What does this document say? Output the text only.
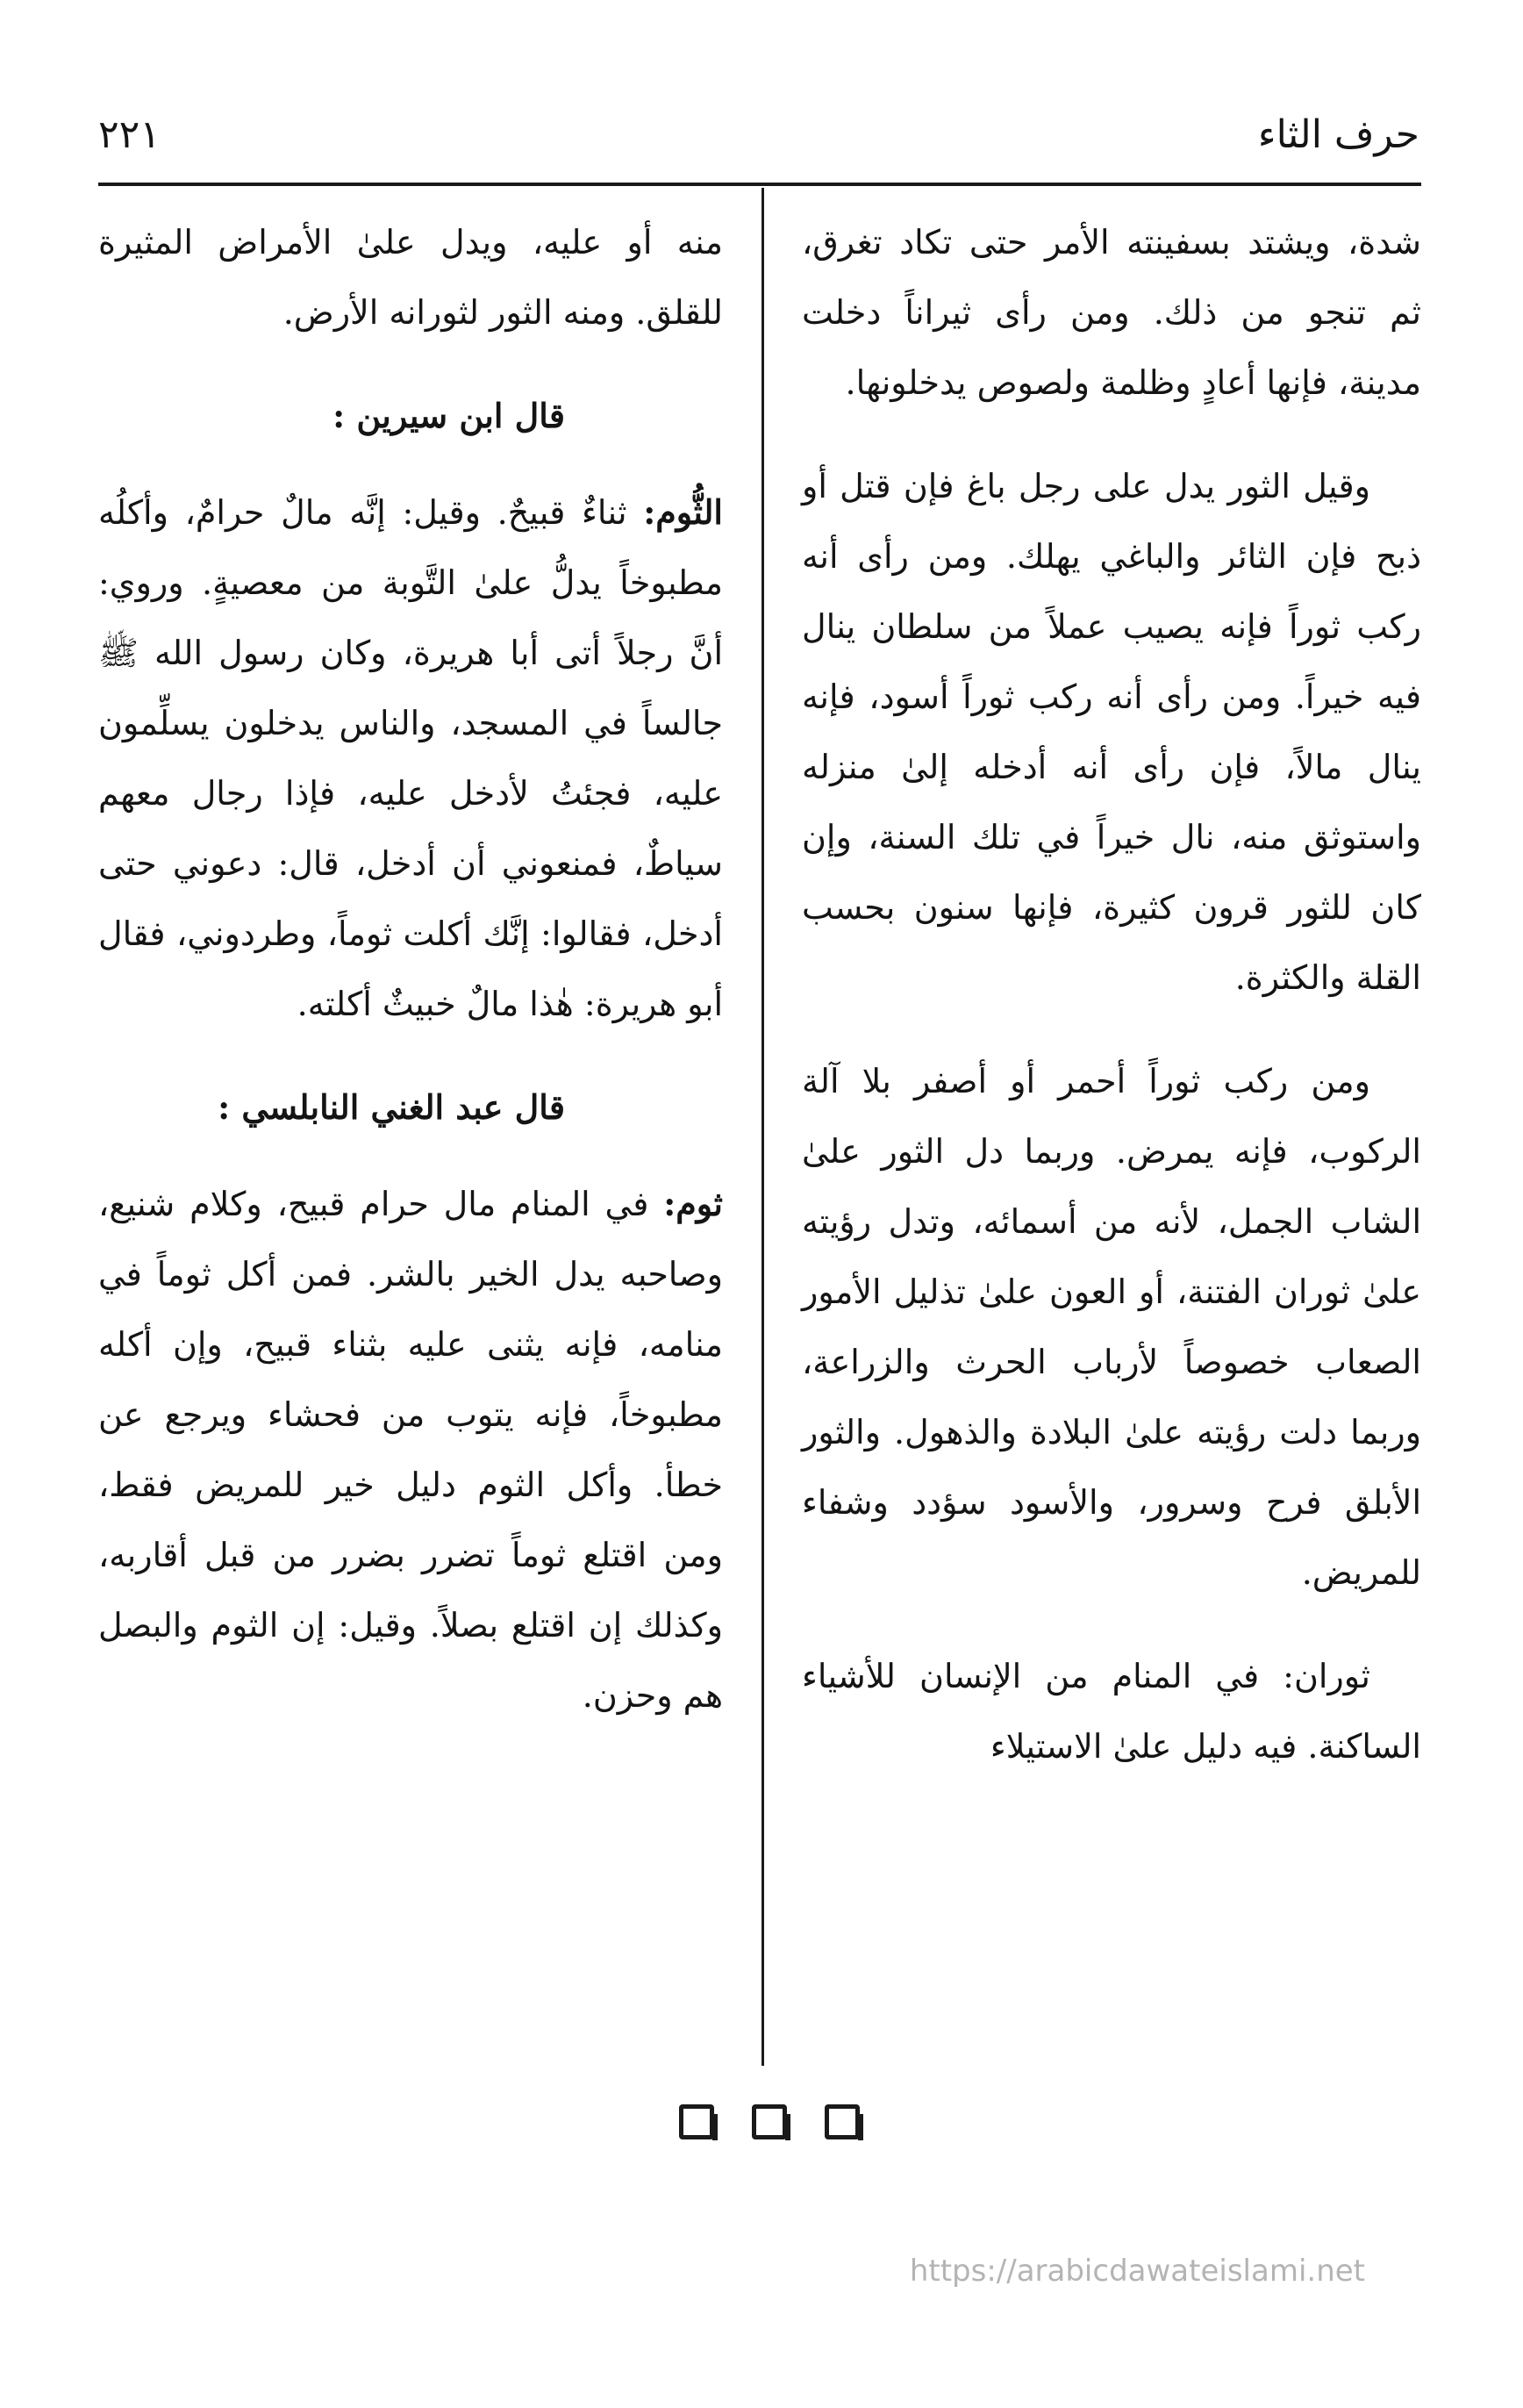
حرف الثاء
٢٢١

شدة، ويشتد بسفينته الأمر حتى تكاد تغرق، ثم تنجو من ذلك. ومن رأى ثيراناً دخلت مدينة، فإنها أعادٍ وظلمة ولصوص يدخلونها.

وقيل الثور يدل على رجل باغ فإن قتل أو ذبح فإن الثائر والباغي يهلك. ومن رأى أنه ركب ثوراً فإنه يصيب عملاً من سلطان ينال فيه خيراً. ومن رأى أنه ركب ثوراً أسود، فإنه ينال مالاً، فإن رأى أنه أدخله إلىٰ منزله واستوثق منه، نال خيراً في تلك السنة، وإن كان للثور قرون كثيرة، فإنها سنون بحسب القلة والكثرة.

ومن ركب ثوراً أحمر أو أصفر بلا آلة الركوب، فإنه يمرض. وربما دل الثور علىٰ الشاب الجمل، لأنه من أسمائه، وتدل رؤيته علىٰ ثوران الفتنة، أو العون علىٰ تذليل الأمور الصعاب خصوصاً لأرباب الحرث والزراعة، وربما دلت رؤيته علىٰ البلادة والذهول. والثور الأبلق فرح وسرور، والأسود سؤدد وشفاء للمريض.

ثوران: في المنام من الإنسان للأشياء الساكنة. فيه دليل علىٰ الاستيلاء

منه أو عليه، ويدل علىٰ الأمراض المثيرة للقلق. ومنه الثور لثورانه الأرض.

قال ابن سيرين :

الثُّوم: ثناءٌ قبيحٌ. وقيل: إنَّه مالٌ حرامٌ، وأكلُه مطبوخاً يدلُّ علىٰ التَّوبة من معصيةٍ. وروي: أنَّ رجلاً أتى أبا هريرة، وكان رسول الله ﷺ جالساً في المسجد، والناس يدخلون يسلِّمون عليه، فجئتُ لأدخل عليه، فإذا رجال معهم سياطٌ، فمنعوني أن أدخل، قال: دعوني حتى أدخل، فقالوا: إنَّك أكلت ثوماً، وطردوني، فقال أبو هريرة: هٰذا مالٌ خبيثٌ أكلته.

قال عبد الغني النابلسي :

ثوم: في المنام مال حرام قبيح، وكلام شنيع، وصاحبه يدل الخير بالشر. فمن أكل ثوماً في منامه، فإنه يثنى عليه بثناء قبيح، وإن أكله مطبوخاً، فإنه يتوب من فحشاء ويرجع عن خطأ. وأكل الثوم دليل خير للمريض فقط، ومن اقتلع ثوماً تضرر بضرر من قبل أقاربه، وكذلك إن اقتلع بصلاً. وقيل: إن الثوم والبصل هم وحزن.

https://arabicdawateislami.net
